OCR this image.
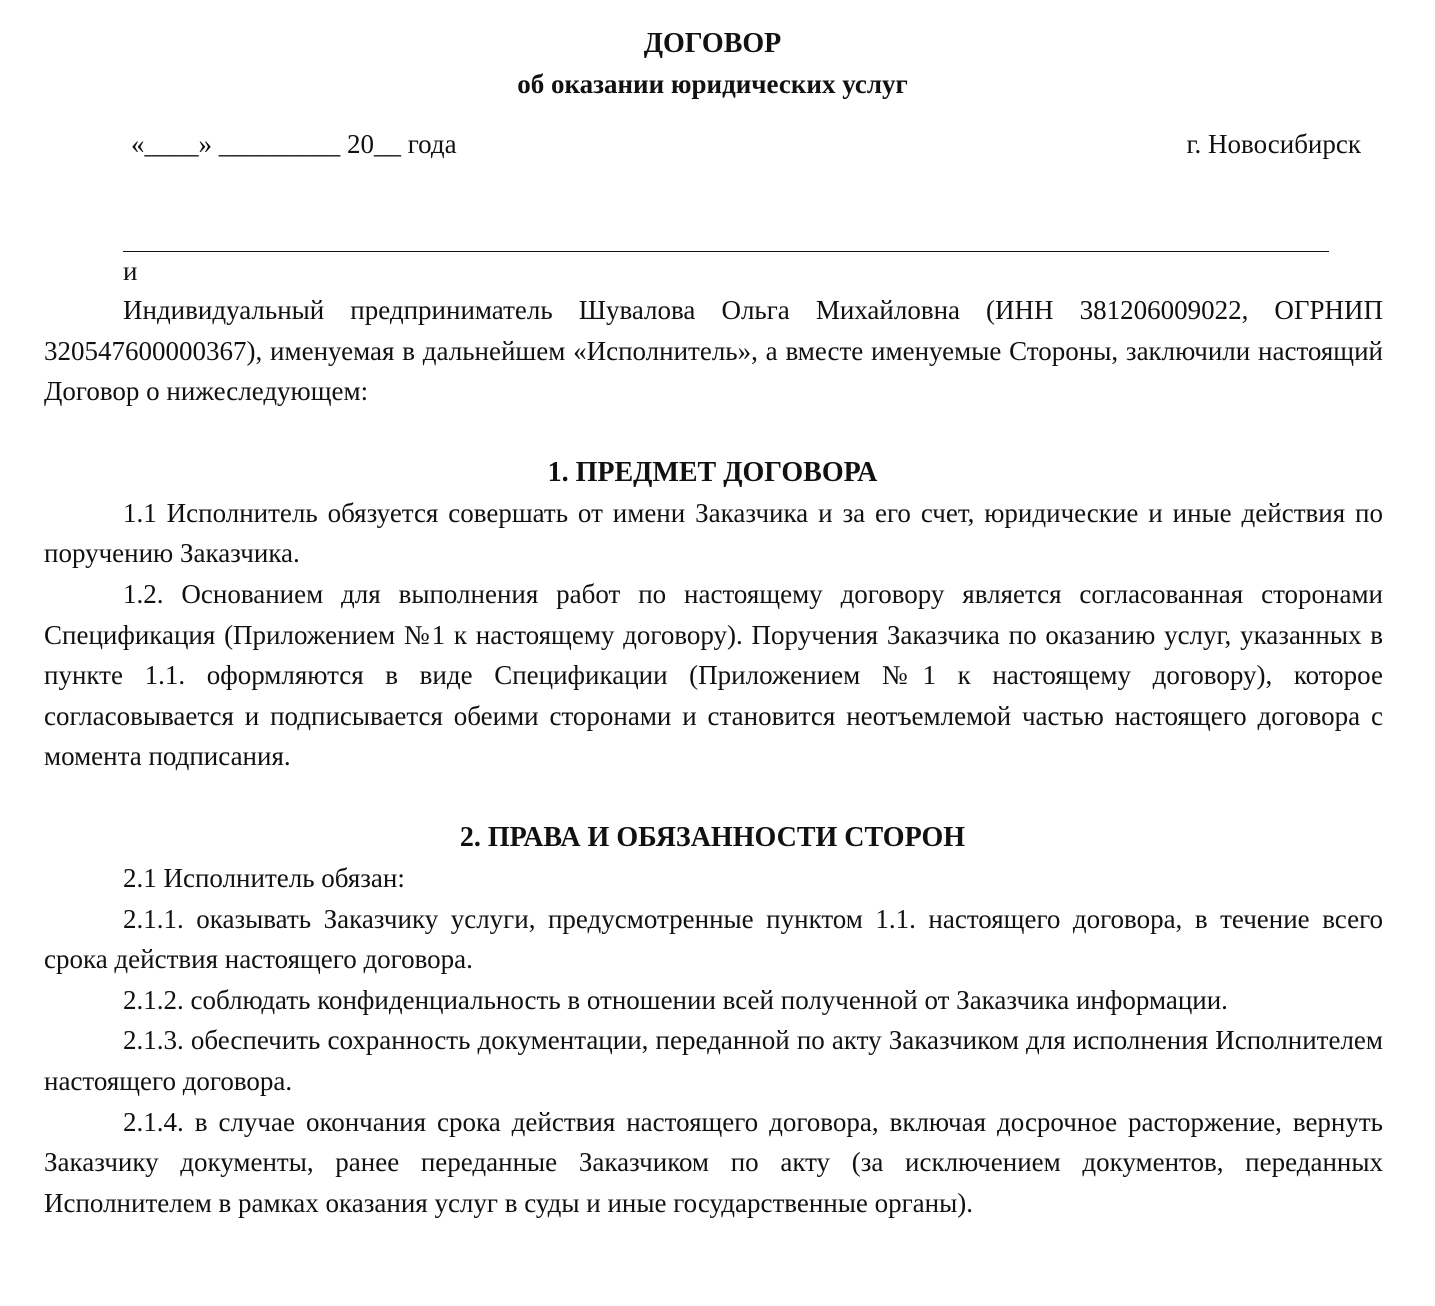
ДОГОВОР
об оказании юридических услуг
«____» _________ 20__ года	г. Новосибирск
и

Индивидуальный предприниматель Шувалова Ольга Михайловна (ИНН 381206009022, ОГРНИП 320547600000367), именуемая в дальнейшем «Исполнитель», а вместе именуемые Стороны, заключили настоящий Договор о нижеследующем:

1. ПРЕДМЕТ ДОГОВОРА

1.1 Исполнитель обязуется совершать от имени Заказчика и за его счет, юридические и иные действия по поручению Заказчика.

1.2. Основанием для выполнения работ по настоящему договору является согласованная сторонами Спецификация (Приложением №1 к настоящему договору). Поручения Заказчика по оказанию услуг, указанных в пункте 1.1. оформляются в виде Спецификации (Приложением №1 к настоящему договору), которое согласовывается и подписывается обеими сторонами и становится неотъемлемой частью настоящего договора с момента подписания.

2. ПРАВА И ОБЯЗАННОСТИ СТОРОН

2.1 Исполнитель обязан:

2.1.1. оказывать Заказчику услуги, предусмотренные пунктом 1.1. настоящего договора, в течение всего срока действия настоящего договора.

2.1.2. соблюдать конфиденциальность в отношении всей полученной от Заказчика информации.

2.1.3. обеспечить сохранность документации, переданной по акту Заказчиком для исполнения Исполнителем настоящего договора.

2.1.4. в случае окончания срока действия настоящего договора, включая досрочное расторжение, вернуть Заказчику документы, ранее переданные Заказчиком по акту (за исключением документов, переданных Исполнителем в рамках оказания услуг в суды и иные государственные органы).
